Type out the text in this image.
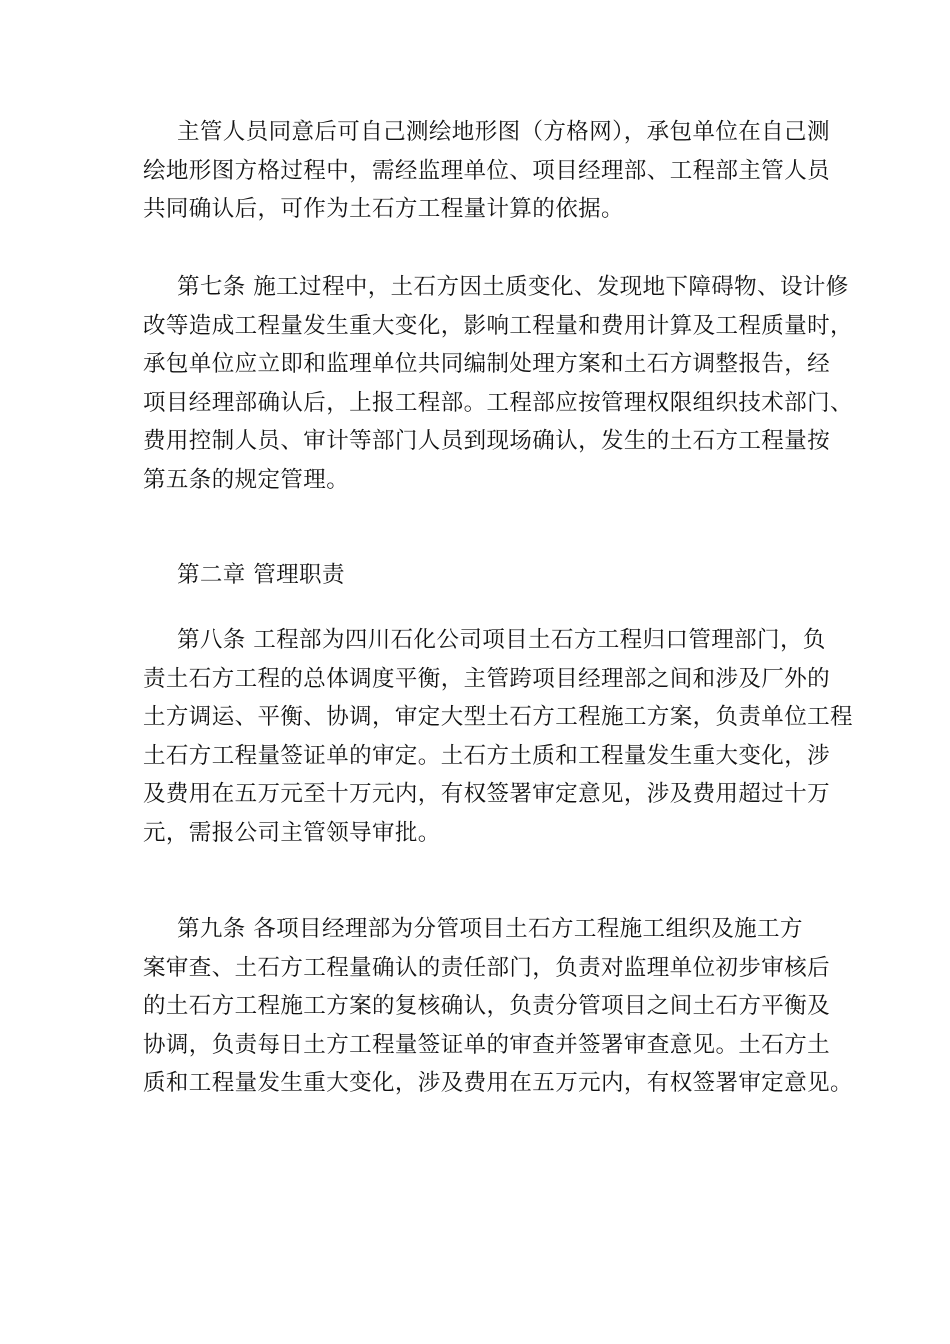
主管人员同意后可自己测绘地形图（方格网），承包单位在自己测
绘地形图方格过程中，需经监理单位、项目经理部、工程部主管人员
共同确认后，可作为土石方工程量计算的依据。
第七条 施工过程中，土石方因土质变化、发现地下障碍物、设计修
改等造成工程量发生重大变化，影响工程量和费用计算及工程质量时，
承包单位应立即和监理单位共同编制处理方案和土石方调整报告，经
项目经理部确认后，上报工程部。工程部应按管理权限组织技术部门、
费用控制人员、审计等部门人员到现场确认，发生的土石方工程量按
第五条的规定管理。
第二章 管理职责
第八条 工程部为四川石化公司项目土石方工程归口管理部门，负
责土石方工程的总体调度平衡，主管跨项目经理部之间和涉及厂外的
土方调运、平衡、协调，审定大型土石方工程施工方案，负责单位工程
土石方工程量签证单的审定。土石方土质和工程量发生重大变化，涉
及费用在五万元至十万元内，有权签署审定意见，涉及费用超过十万
元，需报公司主管领导审批。
第九条 各项目经理部为分管项目土石方工程施工组织及施工方
案审查、土石方工程量确认的责任部门，负责对监理单位初步审核后
的土石方工程施工方案的复核确认，负责分管项目之间土石方平衡及
协调，负责每日土方工程量签证单的审查并签署审查意见。土石方土
质和工程量发生重大变化，涉及费用在五万元内，有权签署审定意见。
